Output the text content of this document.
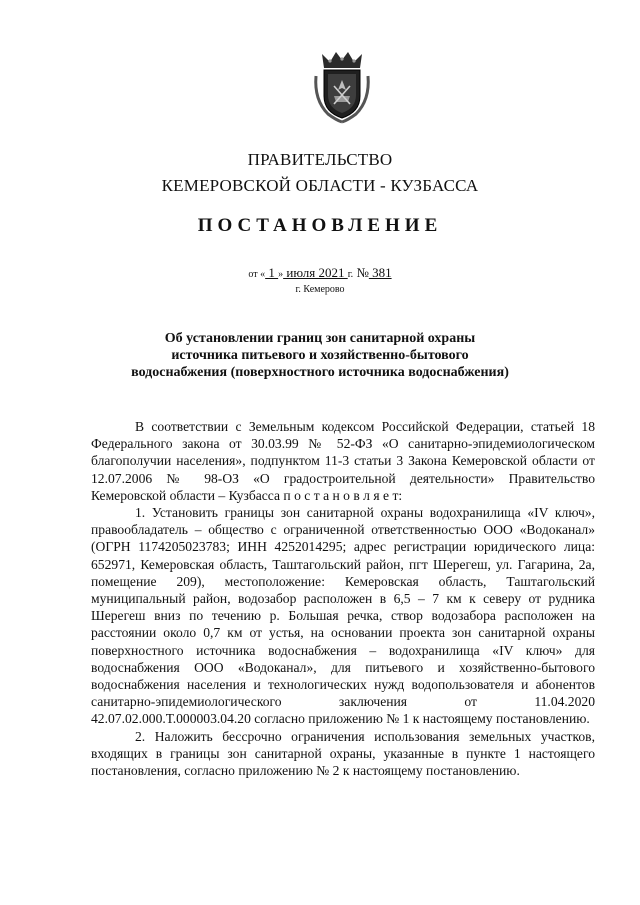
ПРАВИТЕЛЬСТВО
КЕМЕРОВСКОЙ ОБЛАСТИ - КУЗБАССА
ПОСТАНОВЛЕНИЕ
от « 1 » июля 2021 г. № 381
г. Кемерово
Об установлении границ зон санитарной охраны
источника питьевого и хозяйственно-бытового
водоснабжения (поверхностного источника водоснабжения)

В соответствии с Земельным кодексом Российской Федерации, статьей 18 Федерального закона от 30.03.99 № 52-ФЗ «О санитарно-эпидемиологическом благополучии населения», подпунктом 11-3 статьи 3 Закона Кемеровской области от 12.07.2006 № 98-ОЗ «О градостроительной деятельности» Правительство Кемеровской области – Кузбасса п о с т а н о в л я е т:

1. Установить границы зон санитарной охраны водохранилища «IV ключ», правообладатель – общество с ограниченной ответственностью ООО «Водоканал» (ОГРН 1174205023783; ИНН 4252014295; адрес регистрации юридического лица: 652971, Кемеровская область, Таштагольский район, пгт Шерегеш, ул. Гагарина, 2а, помещение 209), местоположение: Кемеровская область, Таштагольский муниципальный район, водозабор расположен в 6,5 – 7 км к северу от рудника Шерегеш вниз по течению р. Большая речка, створ водозабора расположен на расстоянии около 0,7 км от устья, на основании проекта зон санитарной охраны поверхностного источника водоснабжения – водохранилища «IV ключ» для водоснабжения ООО «Водоканал», для питьевого и хозяйственно-бытового водоснабжения населения и технологических нужд водопользователя и абонентов санитарно-эпидемиологического заключения от 11.04.2020 42.07.02.000.Т.000003.04.20 согласно приложению № 1 к настоящему постановлению.

2. Наложить бессрочно ограничения использования земельных участков, входящих в границы зон санитарной охраны, указанные в пункте 1 настоящего постановления, согласно приложению № 2 к настоящему постановлению.
